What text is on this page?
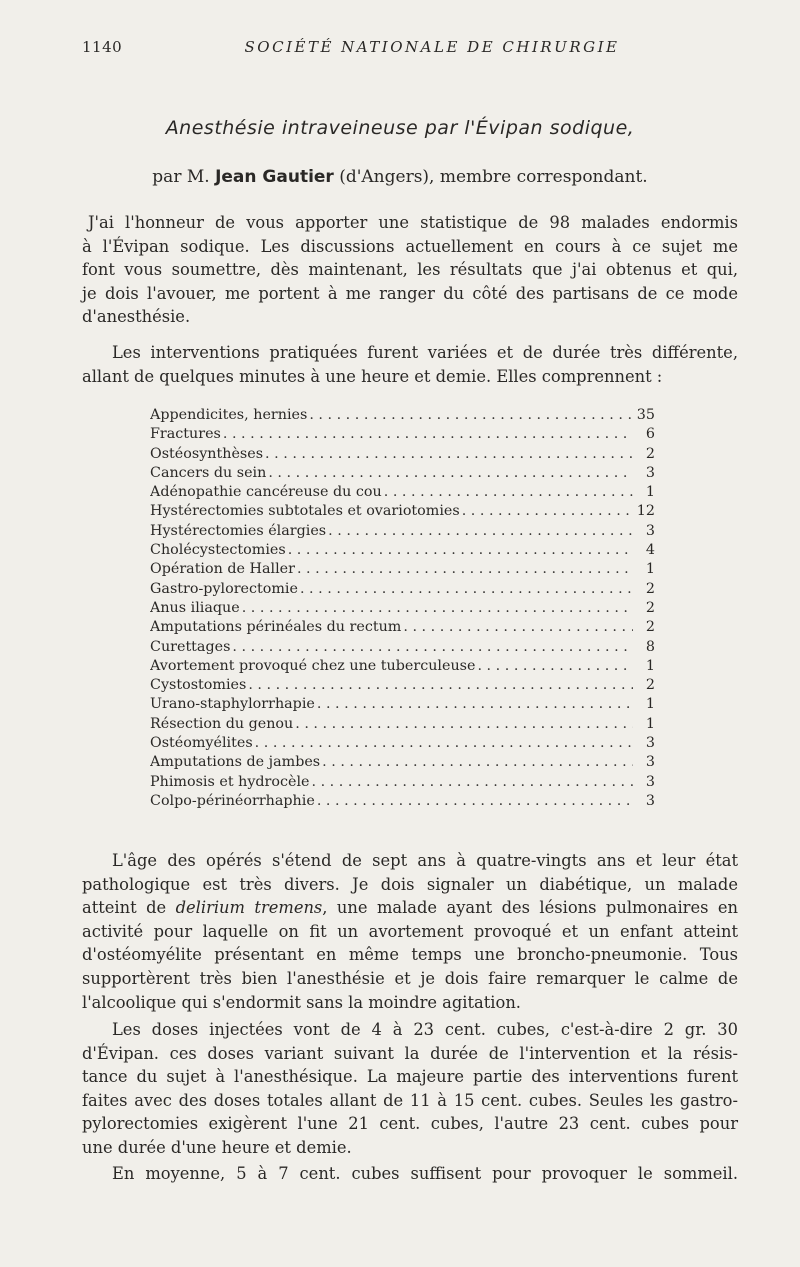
1140	SOCIÉTÉ NATIONALE DE CHIRURGIE
Anesthésie intraveineuse par l'Évipan sodique,
par M. Jean Gautier (d'Angers), membre correspondant.

J'ai l'honneur de vous apporter une statistique de 98 malades endormis
à l'Évipan sodique. Les discussions actuellement en cours à ce sujet me
font vous soumettre, dès maintenant, les résultats que j'ai obtenus et qui,
je dois l'avouer, me portent à me ranger du côté des partisans de ce mode
d'anesthésie.

Les interventions pratiquées furent variées et de durée très différente,
allant de quelques minutes à une heure et demie. Elles comprennent :

Appendicites, hernies . . .	35
Fractures . . .	6
Ostéosynthèses . . .	2
Cancers du sein . . .	3
Adénopathie cancéreuse du cou . . .	1
Hystérectomies subtotales et ovariotomies . . .	12
Hystérectomies élargies . . .	3
Cholécystectomies . . .	4
Opération de Haller . . .	1
Gastro-pylorectomie . . .	2
Anus iliaque . . .	2
Amputations périnéales du rectum . . .	2
Curettages . . .	8
Avortement provoqué chez une tuberculeuse . . .	1
Cystostomies . . .	2
Urano-staphylorrhapie . . .	1
Résection du genou . . .	1
Ostéomyélites . . .	3
Amputations de jambes . . .	3
Phimosis et hydrocèle . . .	3
Colpo-périnéorrhaphie . . .	3

L'âge des opérés s'étend de sept ans à quatre-vingts ans et leur état
pathologique est très divers. Je dois signaler un diabétique, un malade
atteint de delirium tremens, une malade ayant des lésions pulmonaires en
activité pour laquelle on fit un avortement provoqué et un enfant atteint
d'ostéomyélite présentant en même temps une broncho-pneumonie. Tous
supportèrent très bien l'anesthésie et je dois faire remarquer le calme de
l'alcoolique qui s'endormit sans la moindre agitation.

Les doses injectées vont de 4 à 23 cent. cubes, c'est-à-dire 2 gr. 30
d'Évipan. ces doses variant suivant la durée de l'intervention et la résis-
tance du sujet à l'anesthésique. La majeure partie des interventions furent
faites avec des doses totales allant de 11 à 15 cent. cubes. Seules les gastro-
pylorectomies exigèrent l'une 21 cent. cubes, l'autre 23 cent. cubes pour
une durée d'une heure et demie.

En moyenne, 5 à 7 cent. cubes suffisent pour provoquer le sommeil.
